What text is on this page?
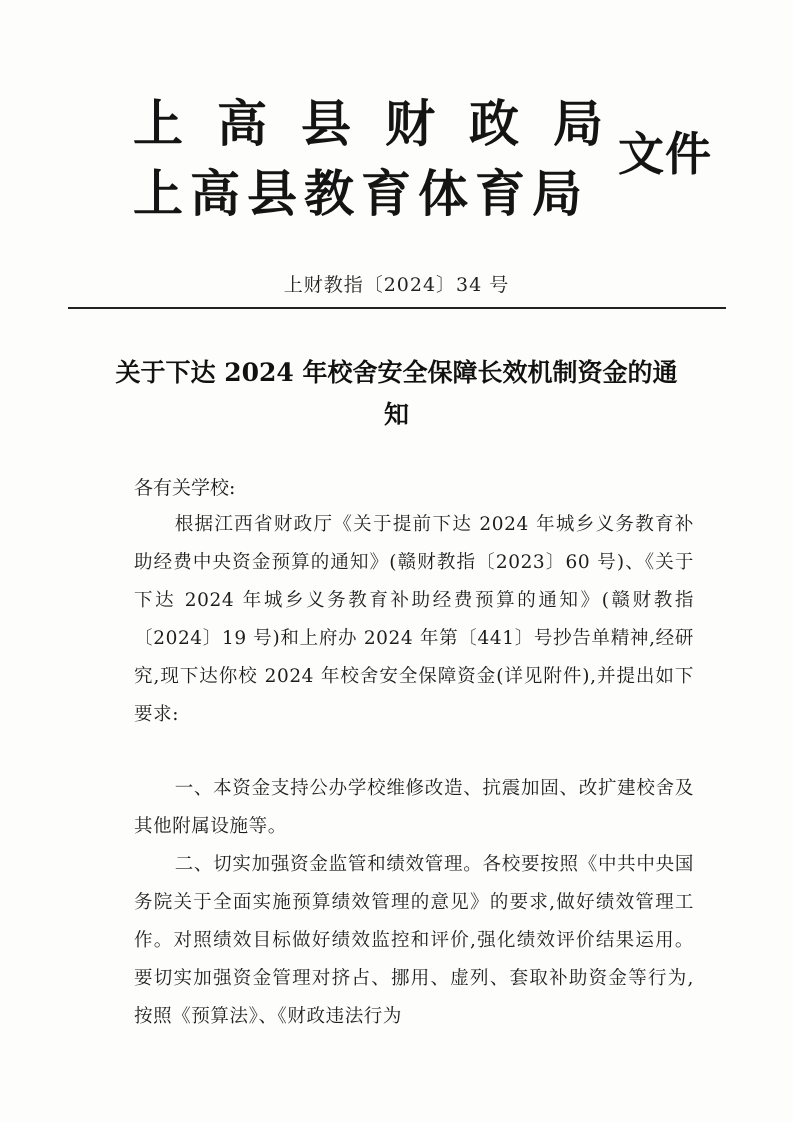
上高县财政局
上高县教育体育局
文件
上财教指〔2024〕34 号
关于下达 2024 年校舍安全保障长效机制资金的通知
各有关学校:
根据江西省财政厅《关于提前下达 2024 年城乡义务教育补助经费中央资金预算的通知》(赣财教指〔2023〕60 号)、《关于下达 2024 年城乡义务教育补助经费预算的通知》(赣财教指〔2024〕19 号)和上府办 2024 年第〔441〕号抄告单精神,经研究,现下达你校 2024 年校舍安全保障资金(详见附件),并提出如下要求:
一、本资金支持公办学校维修改造、抗震加固、改扩建校舍及其他附属设施等。
二、切实加强资金监管和绩效管理。各校要按照《中共中央国务院关于全面实施预算绩效管理的意见》的要求,做好绩效管理工作。对照绩效目标做好绩效监控和评价,强化绩效评价结果运用。要切实加强资金管理对挤占、挪用、虚列、套取补助资金等行为,按照《预算法》、《财政违法行为
